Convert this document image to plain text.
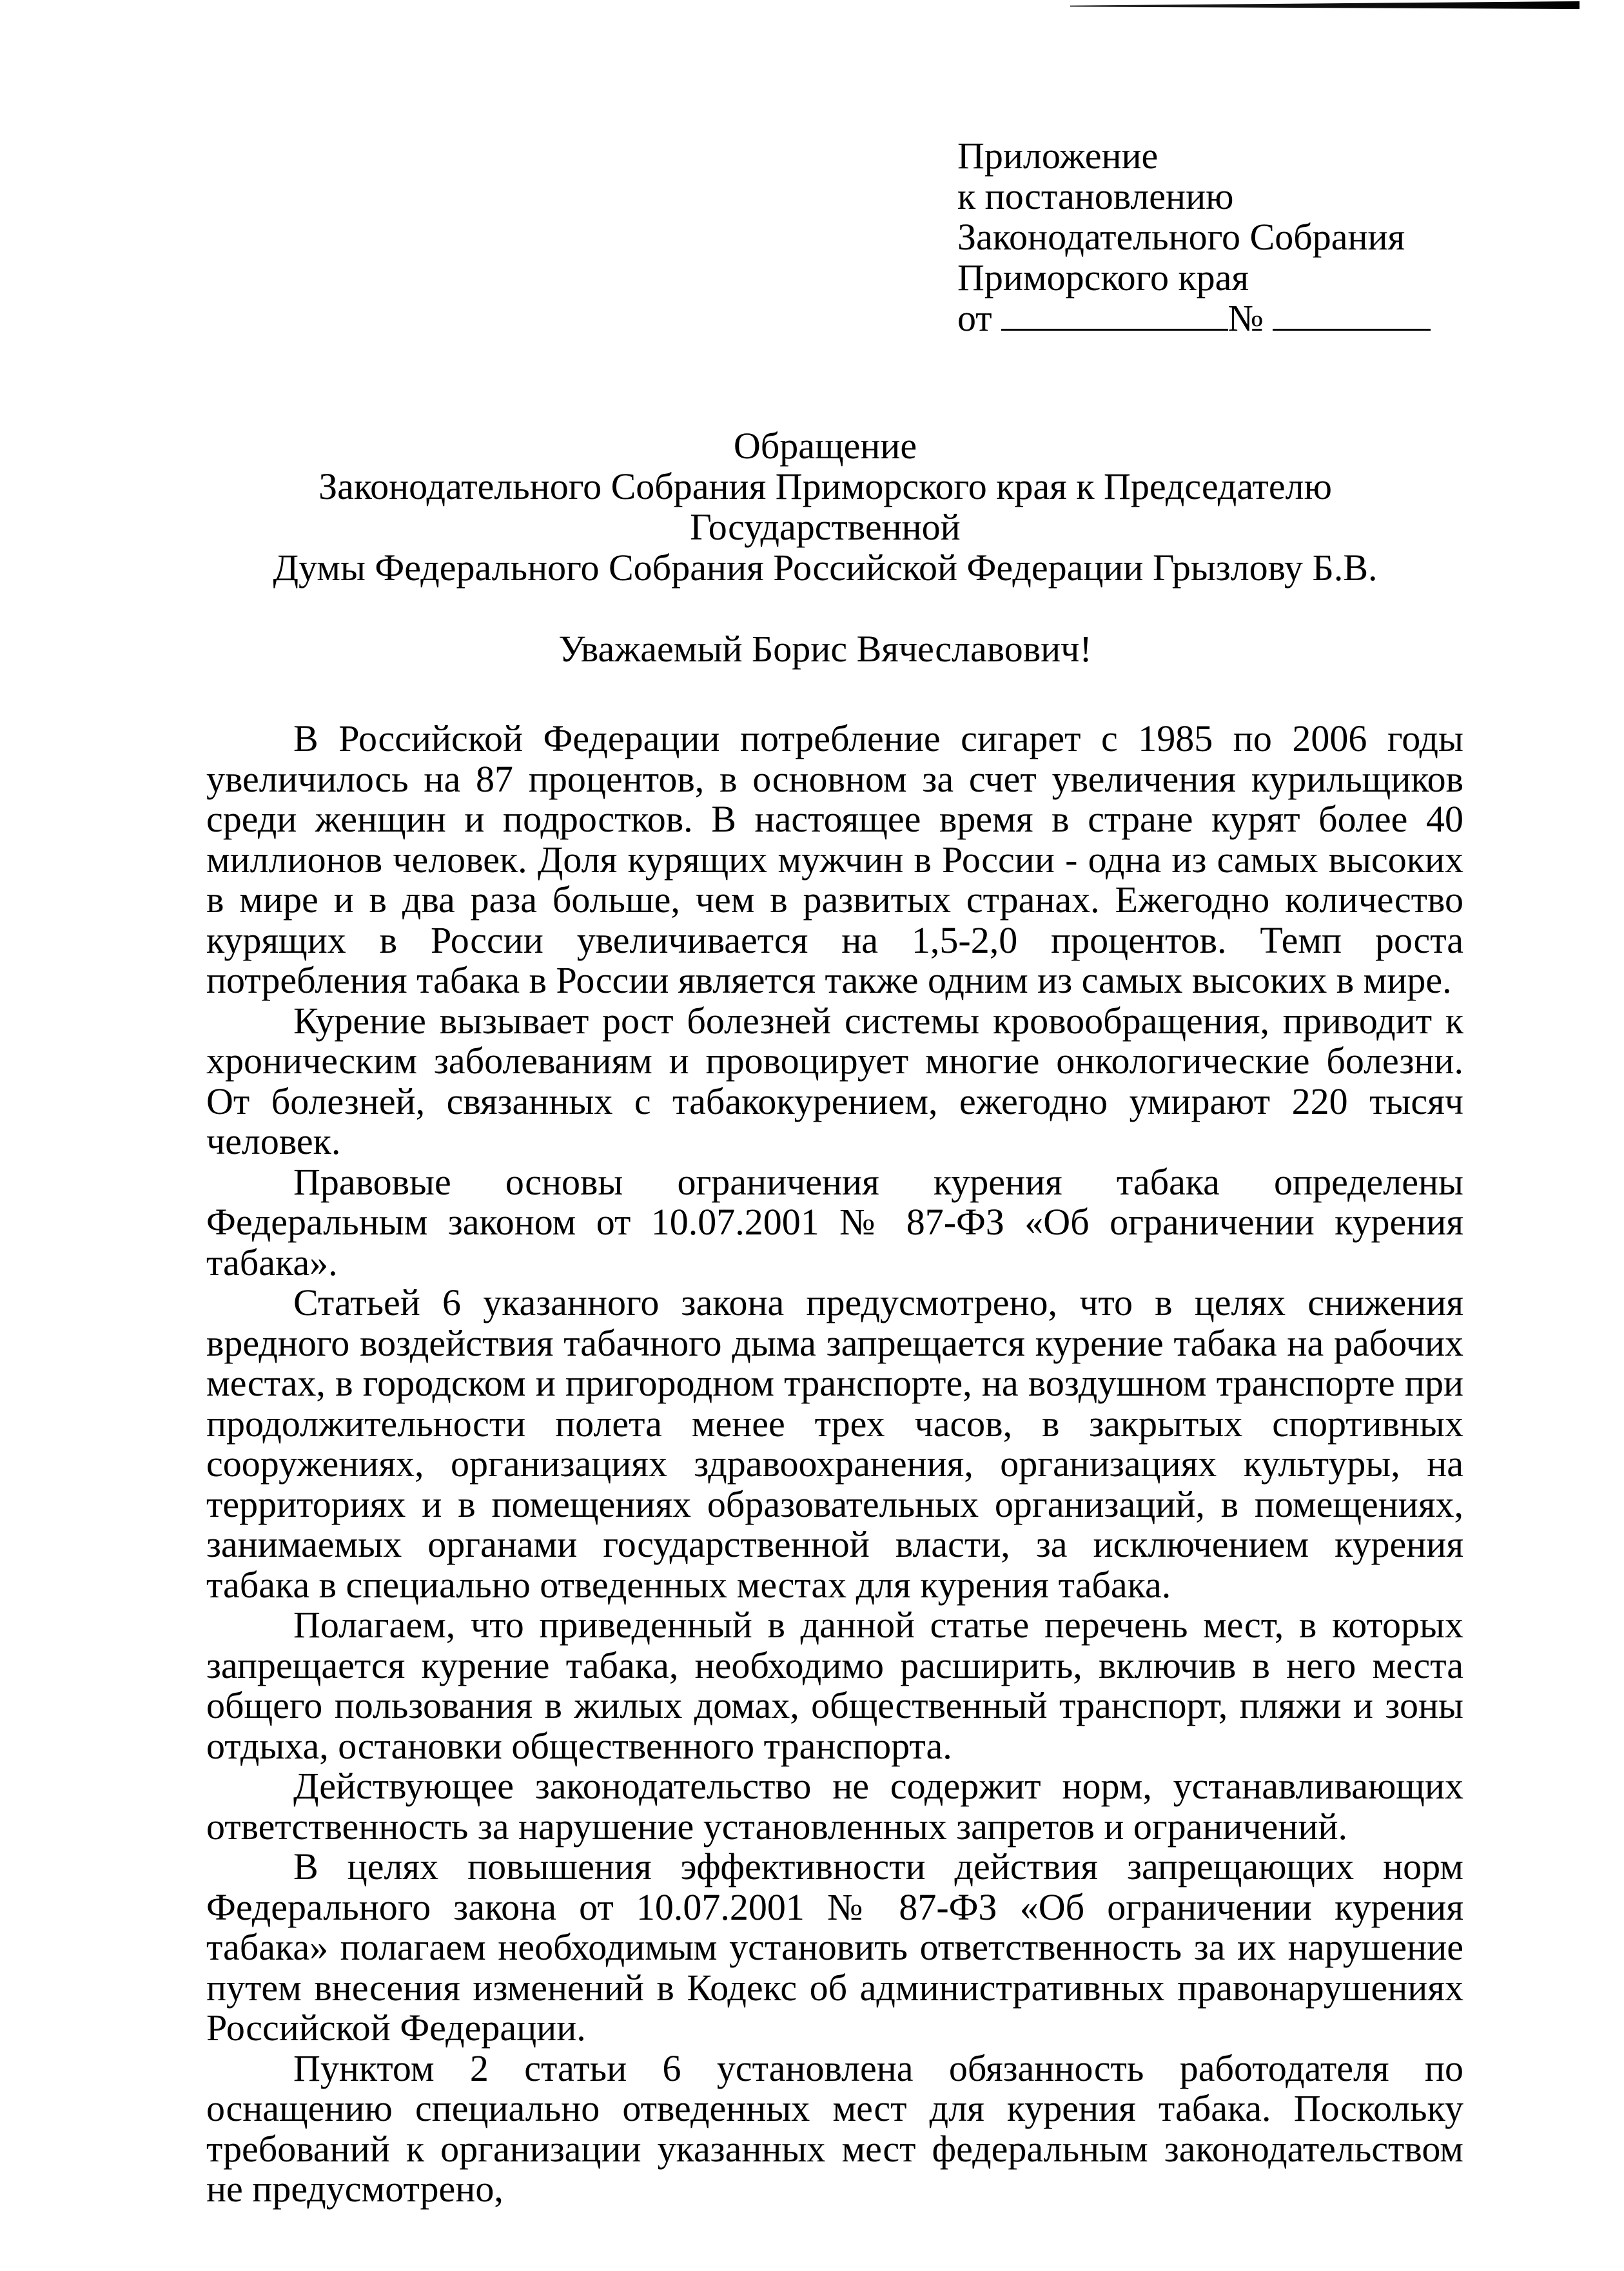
Приложение
к постановлению
Законодательного Собрания
Приморского края
от	№
Обращение
Законодательного Собрания Приморского края к Председателю Государственной
Думы Федерального Собрания Российской Федерации Грызлову Б.В.
Уважаемый Борис Вячеславович!

В Российской Федерации потребление сигарет с 1985 по 2006 годы увеличилось на 87 процентов, в основном за счет увеличения курильщиков среди женщин и подростков. В настоящее время в стране курят более 40 миллионов человек. Доля курящих мужчин в России - одна из самых высоких в мире и в два раза больше, чем в развитых странах. Ежегодно количество курящих в России увеличивается на 1,5-2,0 процентов. Темп роста потребления табака в России является также одним из самых высоких в мире.

Курение вызывает рост болезней системы кровообращения, приводит к хроническим заболеваниям и провоцирует многие онкологические болезни. От болезней, связанных с табакокурением, ежегодно умирают 220 тысяч человек.

Правовые основы ограничения курения табака определены Федеральным законом от 10.07.2001 № 87-ФЗ «Об ограничении курения табака».

Статьей 6 указанного закона предусмотрено, что в целях снижения вредного воздействия табачного дыма запрещается курение табака на рабочих местах, в городском и пригородном транспорте, на воздушном транспорте при продолжительности полета менее трех часов, в закрытых спортивных сооружениях, организациях здравоохранения, организациях культуры, на территориях и в помещениях образовательных организаций, в помещениях, занимаемых органами государственной власти, за исключением курения табака в специально отведенных местах для курения табака.

Полагаем, что приведенный в данной статье перечень мест, в которых запрещается курение табака, необходимо расширить, включив в него места общего пользования в жилых домах, общественный транспорт, пляжи и зоны отдыха, остановки общественного транспорта.

Действующее законодательство не содержит норм, устанавливающих ответственность за нарушение установленных запретов и ограничений.

В целях повышения эффективности действия запрещающих норм Федерального закона от 10.07.2001 № 87-ФЗ «Об ограничении курения табака» полагаем необходимым установить ответственность за их нарушение путем внесения изменений в Кодекс об административных правонарушениях Российской Федерации.

Пунктом 2 статьи 6 установлена обязанность работодателя по оснащению специально отведенных мест для курения табака. Поскольку требований к организации указанных мест федеральным законодательством не предусмотрено,
